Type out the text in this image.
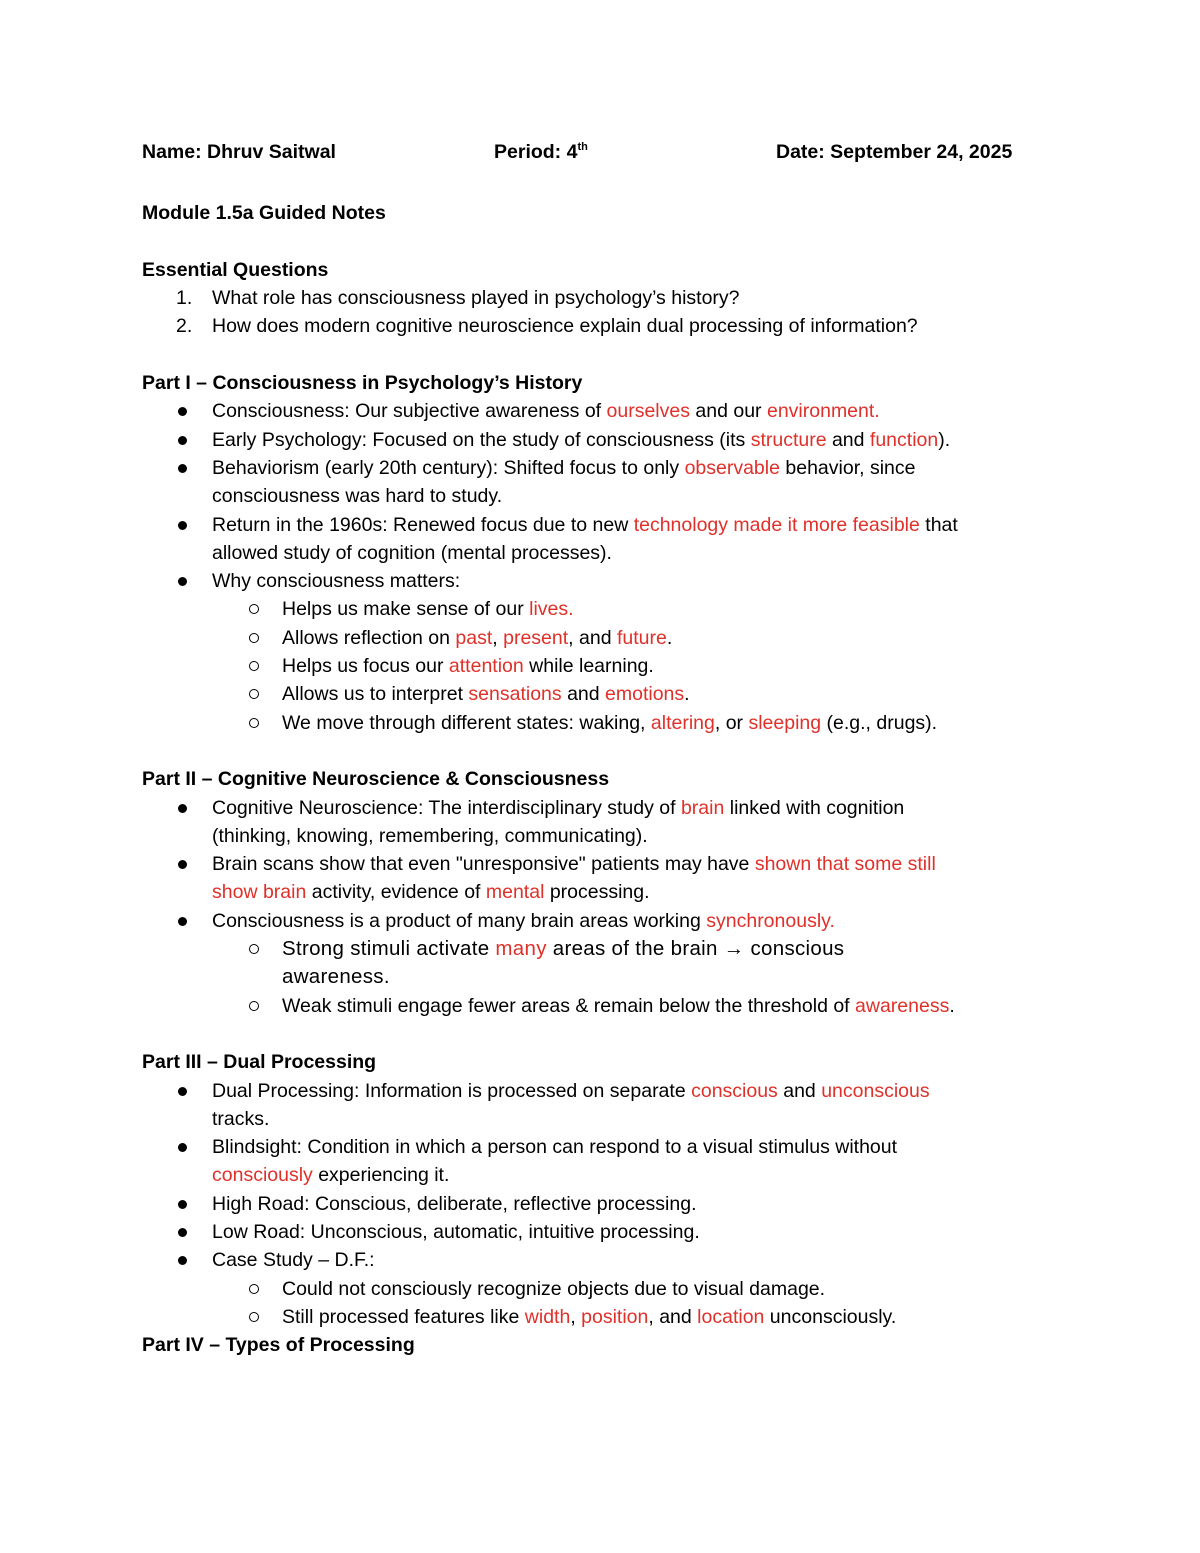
Name: Dhruv Saitwal	Period: 4th	Date: September 24, 2025
Module 1.5a Guided Notes
Essential Questions
1. What role has consciousness played in psychology’s history?
2. How does modern cognitive neuroscience explain dual processing of information?
Part I – Consciousness in Psychology’s History
Consciousness: Our subjective awareness of ourselves and our environment.
Early Psychology: Focused on the study of consciousness (its structure and function).
Behaviorism (early 20th century): Shifted focus to only observable behavior, since
consciousness was hard to study.
Return in the 1960s: Renewed focus due to new technology made it more feasible that
allowed study of cognition (mental processes).
Why consciousness matters:
Helps us make sense of our lives.
Allows reflection on past, present, and future.
Helps us focus our attention while learning.
Allows us to interpret sensations and emotions.
We move through different states: waking, altering, or sleeping (e.g., drugs).
Part II – Cognitive Neuroscience & Consciousness
Cognitive Neuroscience: The interdisciplinary study of brain linked with cognition
(thinking, knowing, remembering, communicating).
Brain scans show that even "unresponsive" patients may have shown that some still
show brain activity, evidence of mental processing.
Consciousness is a product of many brain areas working synchronously.
Strong stimuli activate many areas of the brain → conscious
awareness.
Weak stimuli engage fewer areas & remain below the threshold of awareness.
Part III – Dual Processing
Dual Processing: Information is processed on separate conscious and unconscious
tracks.
Blindsight: Condition in which a person can respond to a visual stimulus without
consciously experiencing it.
High Road: Conscious, deliberate, reflective processing.
Low Road: Unconscious, automatic, intuitive processing.
Case Study – D.F.:
Could not consciously recognize objects due to visual damage.
Still processed features like width, position, and location unconsciously.
Part IV – Types of Processing
